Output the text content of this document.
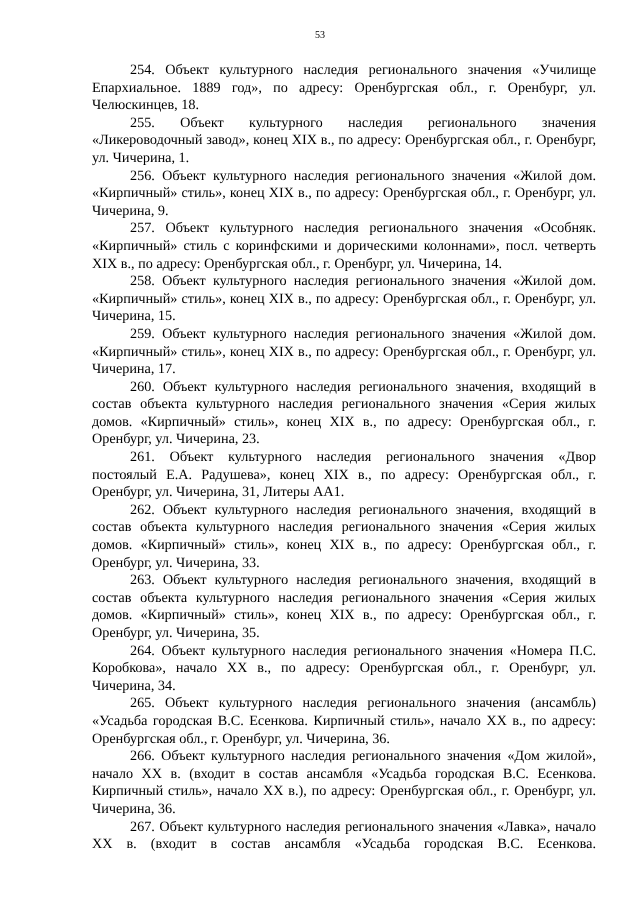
53

254. Объект культурного наследия регионального значения «Училище Епархиальное. 1889 год», по адресу: Оренбургская обл., г. Оренбург, ул. Челюскинцев, 18.

255. Объект культурного наследия регионального значения «Ликероводочный завод», конец XIX в., по адресу: Оренбургская обл., г. Оренбург, ул. Чичерина, 1.

256. Объект культурного наследия регионального значения «Жилой дом. «Кирпичный» стиль», конец XIX в., по адресу: Оренбургская обл., г. Оренбург, ул. Чичерина, 9.

257. Объект культурного наследия регионального значения «Особняк. «Кирпичный» стиль с коринфскими и дорическими колоннами», посл. четверть XIX в., по адресу: Оренбургская обл., г. Оренбург, ул. Чичерина, 14.

258. Объект культурного наследия регионального значения «Жилой дом. «Кирпичный» стиль», конец XIX в., по адресу: Оренбургская обл., г. Оренбург, ул. Чичерина, 15.

259. Объект культурного наследия регионального значения «Жилой дом. «Кирпичный» стиль», конец XIX в., по адресу: Оренбургская обл., г. Оренбург, ул. Чичерина, 17.

260. Объект культурного наследия регионального значения, входящий в состав объекта культурного наследия регионального значения «Серия жилых домов. «Кирпичный» стиль», конец XIX в., по адресу: Оренбургская обл., г. Оренбург, ул. Чичерина, 23.

261. Объект культурного наследия регионального значения «Двор постоялый Е.А. Радушева», конец XIX в., по адресу: Оренбургская обл., г. Оренбург, ул. Чичерина, 31, Литеры АА1.

262. Объект культурного наследия регионального значения, входящий в состав объекта культурного наследия регионального значения «Серия жилых домов. «Кирпичный» стиль», конец XIX в., по адресу: Оренбургская обл., г. Оренбург, ул. Чичерина, 33.

263. Объект культурного наследия регионального значения, входящий в состав объекта культурного наследия регионального значения «Серия жилых домов. «Кирпичный» стиль», конец XIX в., по адресу: Оренбургская обл., г. Оренбург, ул. Чичерина, 35.

264. Объект культурного наследия регионального значения «Номера П.С. Коробкова», начало XX в., по адресу: Оренбургская обл., г. Оренбург, ул. Чичерина, 34.

265. Объект культурного наследия регионального значения (ансамбль) «Усадьба городская В.С. Есенкова. Кирпичный стиль», начало XX в., по адресу: Оренбургская обл., г. Оренбург, ул. Чичерина, 36.

266. Объект культурного наследия регионального значения «Дом жилой», начало XX в. (входит в состав ансамбля «Усадьба городская В.С. Есенкова. Кирпичный стиль», начало XX в.), по адресу: Оренбургская обл., г. Оренбург, ул. Чичерина, 36.

267. Объект культурного наследия регионального значения «Лавка», начало XX в. (входит в состав ансамбля «Усадьба городская В.С. Есенкова.
